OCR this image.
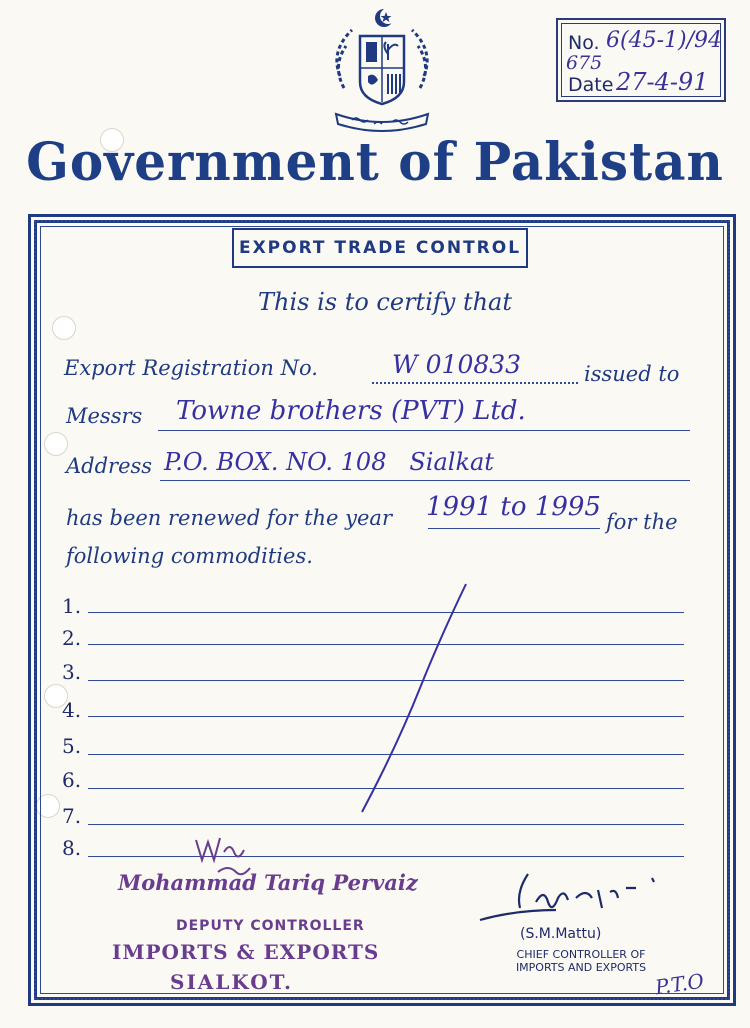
No. 6(45-1)/94
675
Date 27-4-91
Government of Pakistan
EXPORT TRADE CONTROL
This is to certify that
Export Registration No.	W 010833	issued to
Messrs Towne brothers (PVT) Ltd.
Address P.O. BOX. NO. 108   Sialkat
has been renewed for the year 1991 to 1995 for the
following commodities.
1.
2.
3.
4.
5.
6.
7.
8.
Mohammad Tariq Pervaiz
DEPUTY CONTROLLER
IMPORTS & EXPORTS
SIALKOT.
(S.M.Mattu)
CHIEF CONTROLLER OF
IMPORTS AND EXPORTS
P.T.O
